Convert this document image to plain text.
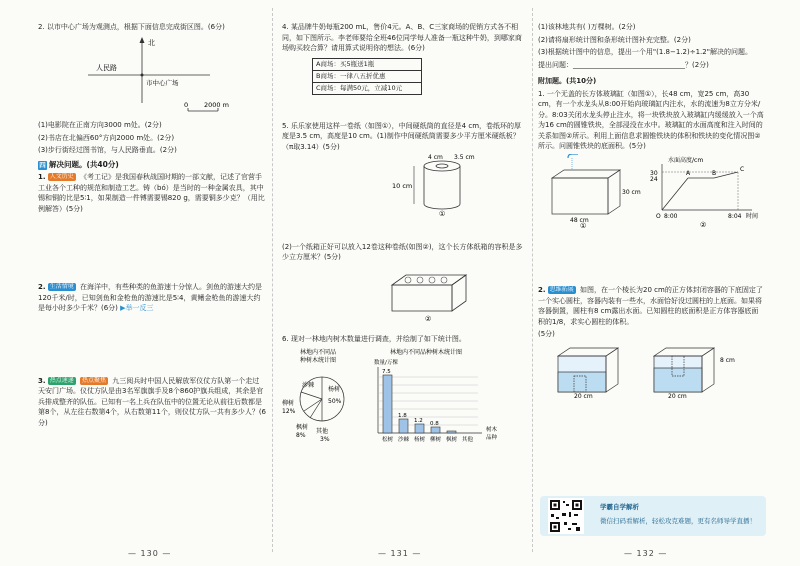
2. 以市中心广场为观测点，根据下面信息完成街区图。(6分)

北
人民路
市中心广场
0 2000 m

(1)电影院在正南方向3000 m处。(2分)

(2)书店在北偏西60°方向2000 m处。(2分)

(3)步行街经过图书馆，与人民路垂直。(2分)

四 解决问题。(共40分)

1. 人文历史 《考工记》是我国春秋战国时期的一部文献，记述了官营手工业各个工种的规范和制造工艺。铸（bó）是当时的一种金属农具，其中锡和铜的比是5∶1，如果制造一件镈需要锡820 g，需要铜多少克？（用比例解答）(5分)

2. 生活情境 在海洋中，有些种类的鱼游速十分惊人。剑鱼的游速大约是120千米/时，已知剑鱼和金枪鱼的游速比是5∶4，黄鳍金枪鱼的游速大约是每小时多少千米？(6分) ▶举一反三

3. 热点速递 热点聚焦 九三阅兵时中国人民解放军仪仗方队第一个走过天安门广场。仪仗方队是由3名军旗旗手及8个860护旗兵组成，其余是官兵排成整齐的队伍。已知有一名上兵在队伍中的位置无论从前往后数都是第8个，从左往右数第4个，从右数第11个，则仪仗方队一共有多少人？(6分)

— 130 —

4. 某品牌牛奶每瓶200 mL，售价4元。A、B、C三家商场的促销方式各不相同，如下图所示。李老师要给全班46位同学每人准备一瓶这种牛奶，到哪家商场购买较合算？请用算式说明你的想法。(6分)

A商场：买5瓶送1瓶
B商场：一律八五折优惠
C商场：每满50元，立减10元

5. 乐乐家使用这样一卷纸（如图①），中间硬纸筒的直径是4 cm，卷纸环的厚度是3.5 cm，高度是10 cm。(1)制作中间硬纸筒需要多少平方厘米硬纸板？（π取3.14）(5分)

10 cm
4 cm 3.5 cm
①

(2)一个纸箱正好可以放入12卷这种卷纸(如图②)，这个长方体纸箱的容积是多少立方厘米？(5分)

②

6. 现对一林地内树木数量进行调查，并绘制了如下统计图。

林地内不同品
种树木统计图
沙棘
杨树
50%
柳树
12%
枫树
8%
其他
3%
林地内不同品种树木统计图
数量/万棵
7.5
1.8
1.2 0.8
松树 沙棘 杨树 柳树 枫树 其他
树木
品种
— 131 —

(1)该林地共有( )万棵树。(2分)

(2)请将扇形统计图和条形统计图补充完整。(2分)

(3)根据统计图中的信息，提出一个用"(1.8−1.2)÷1.2"解决的问题。

提出问题：________________________________？(2分)

附加题。(共10分)

1. 一个无盖的长方体玻璃缸（如图①），长48 cm，宽25 cm，高30 cm，有一个水龙头从8:00开始向玻璃缸内注水，水的流速为8立方分米/分。8:03关闭水龙头停止注水，将一块铁块放入玻璃缸内缓缓放入一个高为16 cm的圆锥铁块，全部浸没在水中。玻璃缸的水面高度和注入时间的关系如图②所示。利用上面信息求圆锥铁块的体积和铁块的变化情况图②所示。问圆锥铁块的底面积。(5分)

48 cm
30 cm
①
水面高度/cm
30
24
A	B
C
O 8:00	8:04 时间
②

2. 思维拓展 如图，在一个棱长为20 cm的正方体封闭容器的下底固定了一个实心圆柱，容器内装有一些水，水面恰好没过圆柱的上底面。如果将容器倒置，圆柱有8 cm露出水面。已知圆柱的底面积是正方体容器底面积的1/8，求实心圆柱的体积。

(5分)

20 cm	20 cm
8 cm
学霸自学解析
微信扫码看解析，轻松攻克难题，更有名师导学直播！
— 132 —
